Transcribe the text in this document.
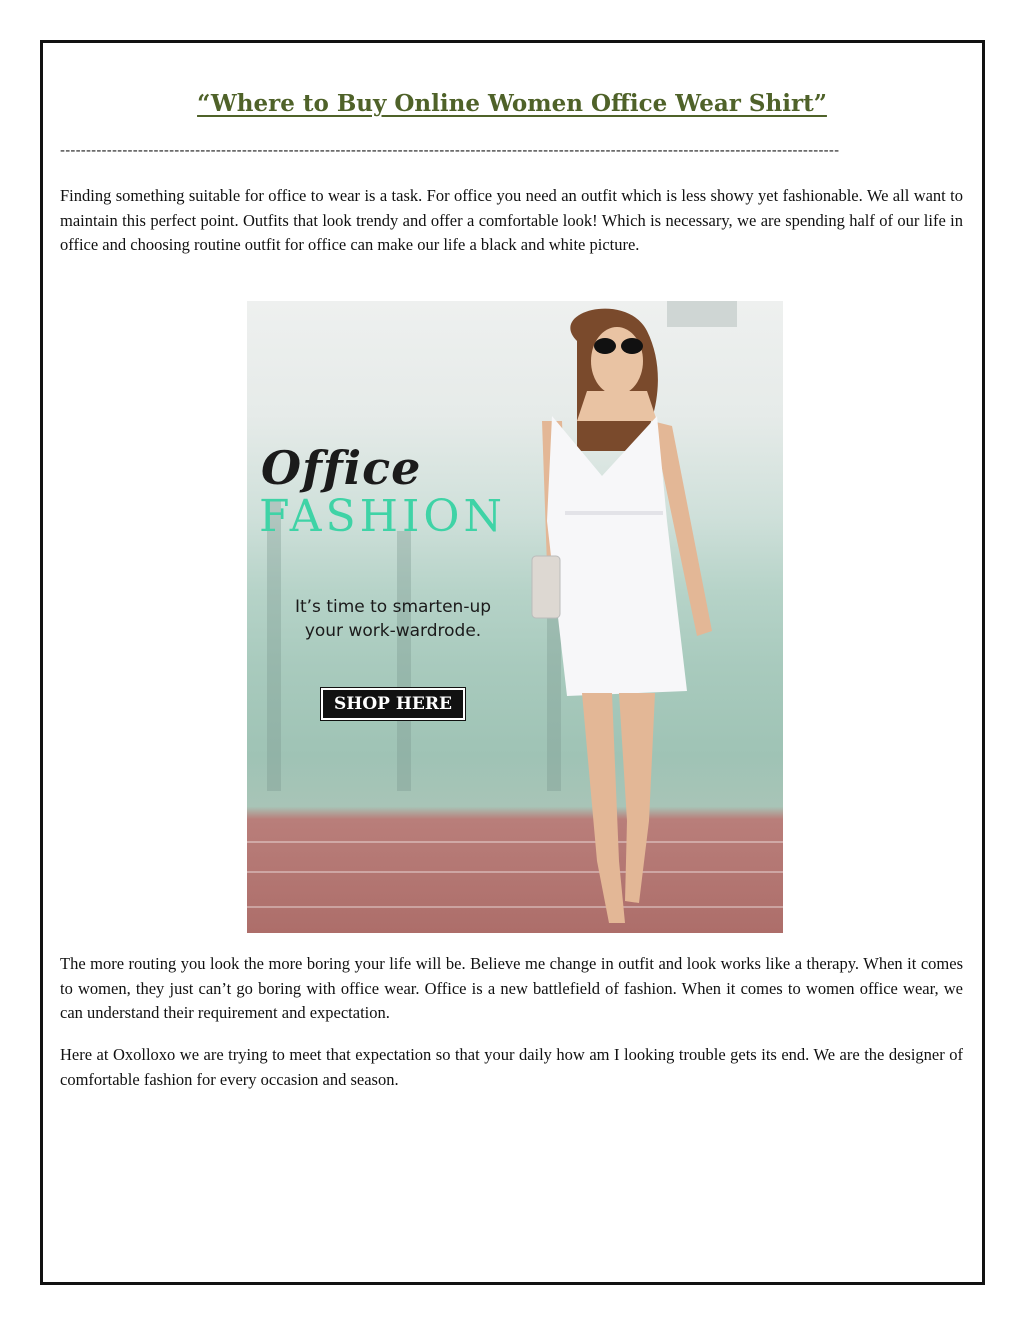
“Where to Buy Online Women Office Wear Shirt”
------------------------------------------------------------------------------------------------------------------------------------------------------

Finding something suitable for office to wear is a task. For office you need an outfit which is less showy yet fashionable. We all want to maintain this perfect point. Outfits that look trendy and offer a comfortable look! Which is necessary, we are spending half of our life in office and choosing routine outfit for office can make our life a black and white picture.

Office
FASHION
It’s time to smarten-up your work-wardrode.
SHOP HERE

The more routing you look the more boring your life will be. Believe me change in outfit and look works like a therapy. When it comes to women, they just can’t go boring with office wear. Office is a new battlefield of fashion. When it comes to women office wear, we can understand their requirement and expectation.

Here at Oxolloxo we are trying to meet that expectation so that your daily how am I looking trouble gets its end. We are the designer of comfortable fashion for every occasion and season.
